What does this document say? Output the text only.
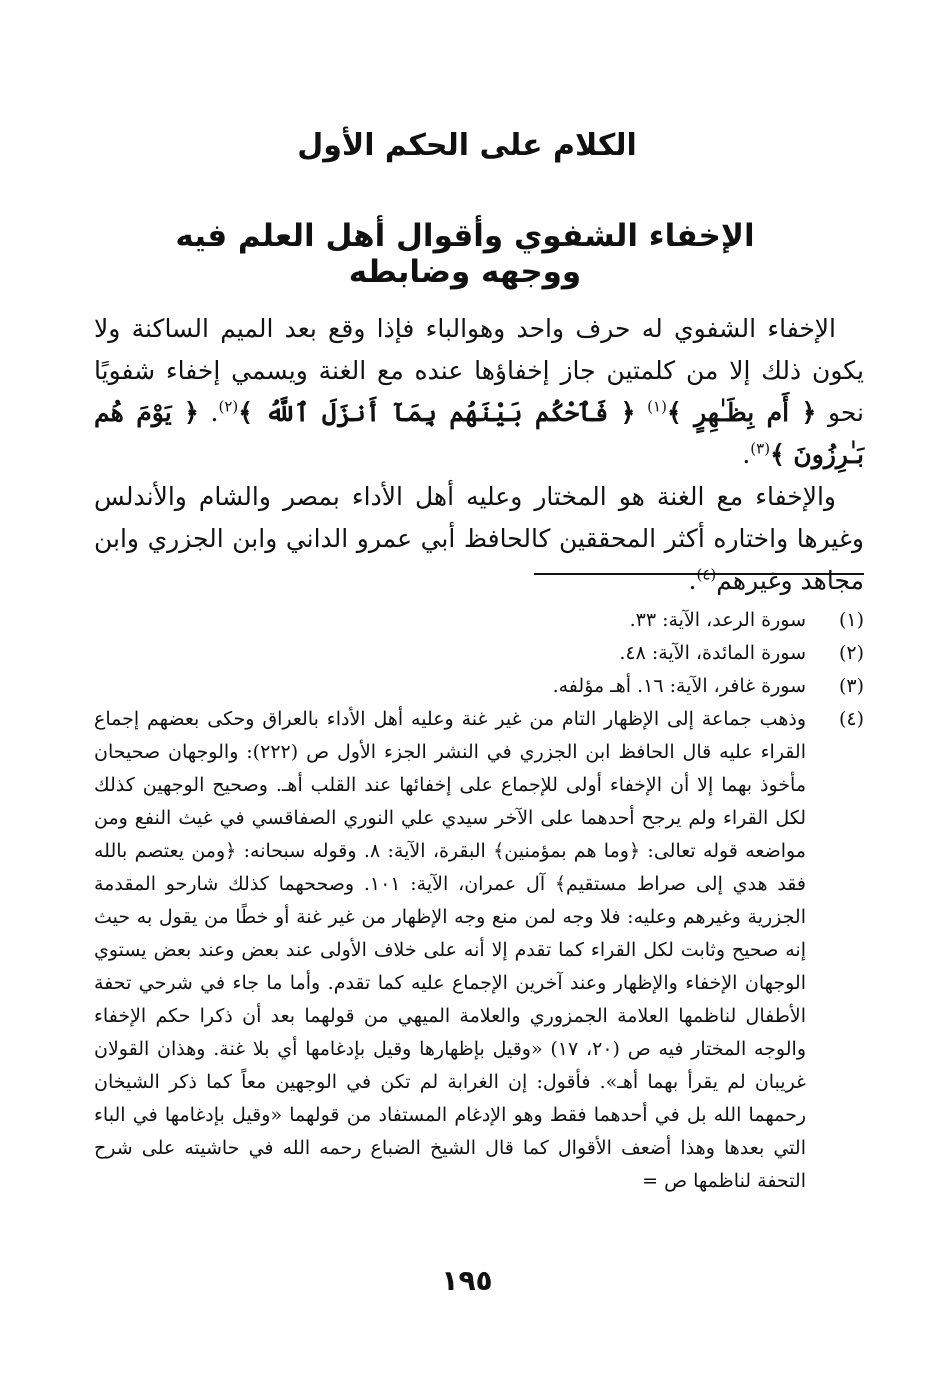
الكلام على الحكم الأول
الإخفاء الشفوي وأقوال أهل العلم فيه ووجهه وضابطه

الإخفاء الشفوي له حرف واحد وهوالباء فإذا وقع بعد الميم الساكنة ولا يكون ذلك إلا من كلمتين جاز إخفاؤها عنده مع الغنة ويسمي إخفاء شفويًا نحو ﴿ أَم بِظَـٰهِرٍ ﴾$^{(١)}$ ﴿ فَٱحْكُم بَيْنَهُم بِمَآ أَنزَلَ ٱللَّهُ ﴾$^{(٢)}$. ﴿ يَوْمَ هُم بَـٰرِزُونَ ﴾$^{(٣)}$.

والإخفاء مع الغنة هو المختار وعليه أهل الأداء بمصر والشام والأندلس وغيرها واختاره أكثر المحققين كالحافظ أبي عمرو الداني وابن الجزري وابن مجاهد وغيرهم$^{(٤)}$.

(١)
سورة الرعد، الآية: ٣٣.
(٢)
سورة المائدة، الآية: ٤٨.
(٣)
سورة غافر، الآية: ١٦. أهـ مؤلفه.
(٤)
وذهب جماعة إلى الإظهار التام من غير غنة وعليه أهل الأداء بالعراق وحكى بعضهم إجماع القراء عليه قال الحافظ ابن الجزري في النشر الجزء الأول ص (٢٢٢): والوجهان صحيحان مأخوذ بهما إلا أن الإخفاء أولى للإجماع على إخفائها عند القلب أهـ. وصحيح الوجهين كذلك لكل القراء ولم يرجح أحدهما على الآخر سيدي علي النوري الصفاقسي في غيث النفع ومن مواضعه قوله تعالى: ﴿وما هم بمؤمنين﴾ البقرة، الآية: ٨. وقوله سبحانه: ﴿ومن يعتصم بالله فقد هدي إلى صراط مستقيم﴾ آل عمران، الآية: ١٠١. وصححهما كذلك شارحو المقدمة الجزرية وغيرهم وعليه: فلا وجه لمن منع وجه الإظهار من غير غنة أو خطًا من يقول به حيث إنه صحيح وثابت لكل القراء كما تقدم إلا أنه على خلاف الأولى عند بعض وعند بعض يستوي الوجهان الإخفاء والإظهار وعند آخرين الإجماع عليه كما تقدم. وأما ما جاء في شرحي تحفة الأطفال لناظمها العلامة الجمزوري والعلامة الميهي من قولهما بعد أن ذكرا حكم الإخفاء والوجه المختار فيه ص (٢٠، ١٧) «وقيل بإظهارها وقيل بإدغامها أي بلا غنة. وهذان القولان غريبان لم يقرأ بهما أهـ». فأقول: إن الغرابة لم تكن في الوجهين معاً كما ذكر الشيخان رحمهما الله بل في أحدهما فقط وهو الإدغام المستفاد من قولهما «وقيل بإدغامها في الباء التي بعدها وهذا أضعف الأقوال كما قال الشيخ الضباع رحمه الله في حاشيته على شرح التحفة لناظمها ص =
١٩٥
